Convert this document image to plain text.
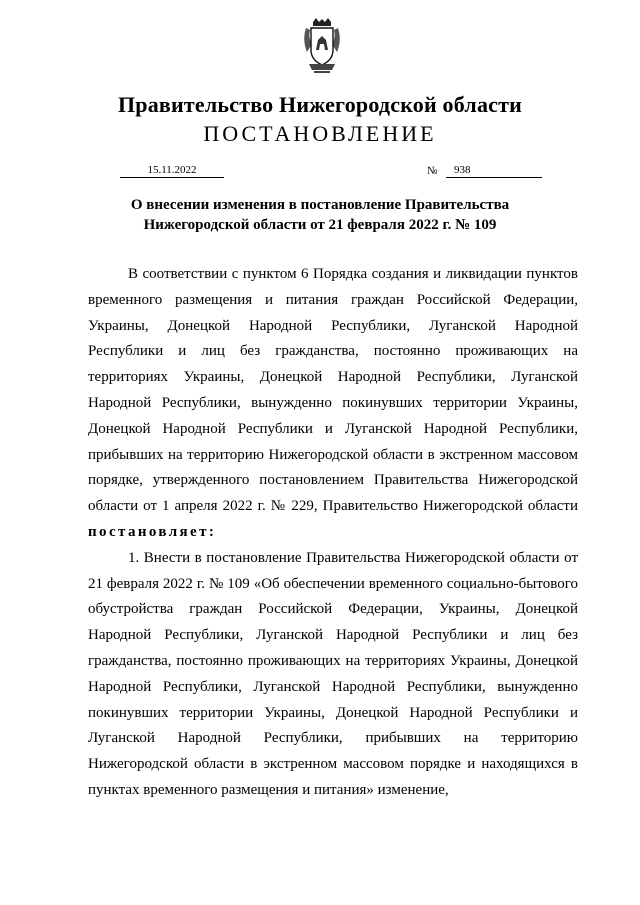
Правительство Нижегородской области
ПОСТАНОВЛЕНИЕ
15.11.2022	№	938
О внесении изменения в постановление Правительства
Нижегородской области от 21 февраля 2022 г. № 109

В соответствии с пунктом 6 Порядка создания и ликвидации пунктов временного размещения и питания граждан Российской Федерации, Украины, Донецкой Народной Республики, Луганской Народной Республики и лиц без гражданства, постоянно проживающих на территориях Украины, Донецкой Народной Республики, Луганской Народной Республики, вынужденно покинувших территории Украины, Донецкой Народной Республики и Луганской Народной Республики, прибывших на территорию Нижегородской области в экстренном массовом порядке, утвержденного постановлением Правительства Нижегородской области от 1 апреля 2022 г. № 229, Правительство Нижегородской области постановляет:

1. Внести в постановление Правительства Нижегородской области от 21 февраля 2022 г. № 109 «Об обеспечении временного социально-бытового обустройства граждан Российской Федерации, Украины, Донецкой Народной Республики, Луганской Народной Республики и лиц без гражданства, постоянно проживающих на территориях Украины, Донецкой Народной Республики, Луганской Народной Республики, вынужденно покинувших территории Украины, Донецкой Народной Республики и Луганской Народной Республики, прибывших на территорию Нижегородской области в экстренном массовом порядке и находящихся в пунктах временного размещения и питания» изменение,
